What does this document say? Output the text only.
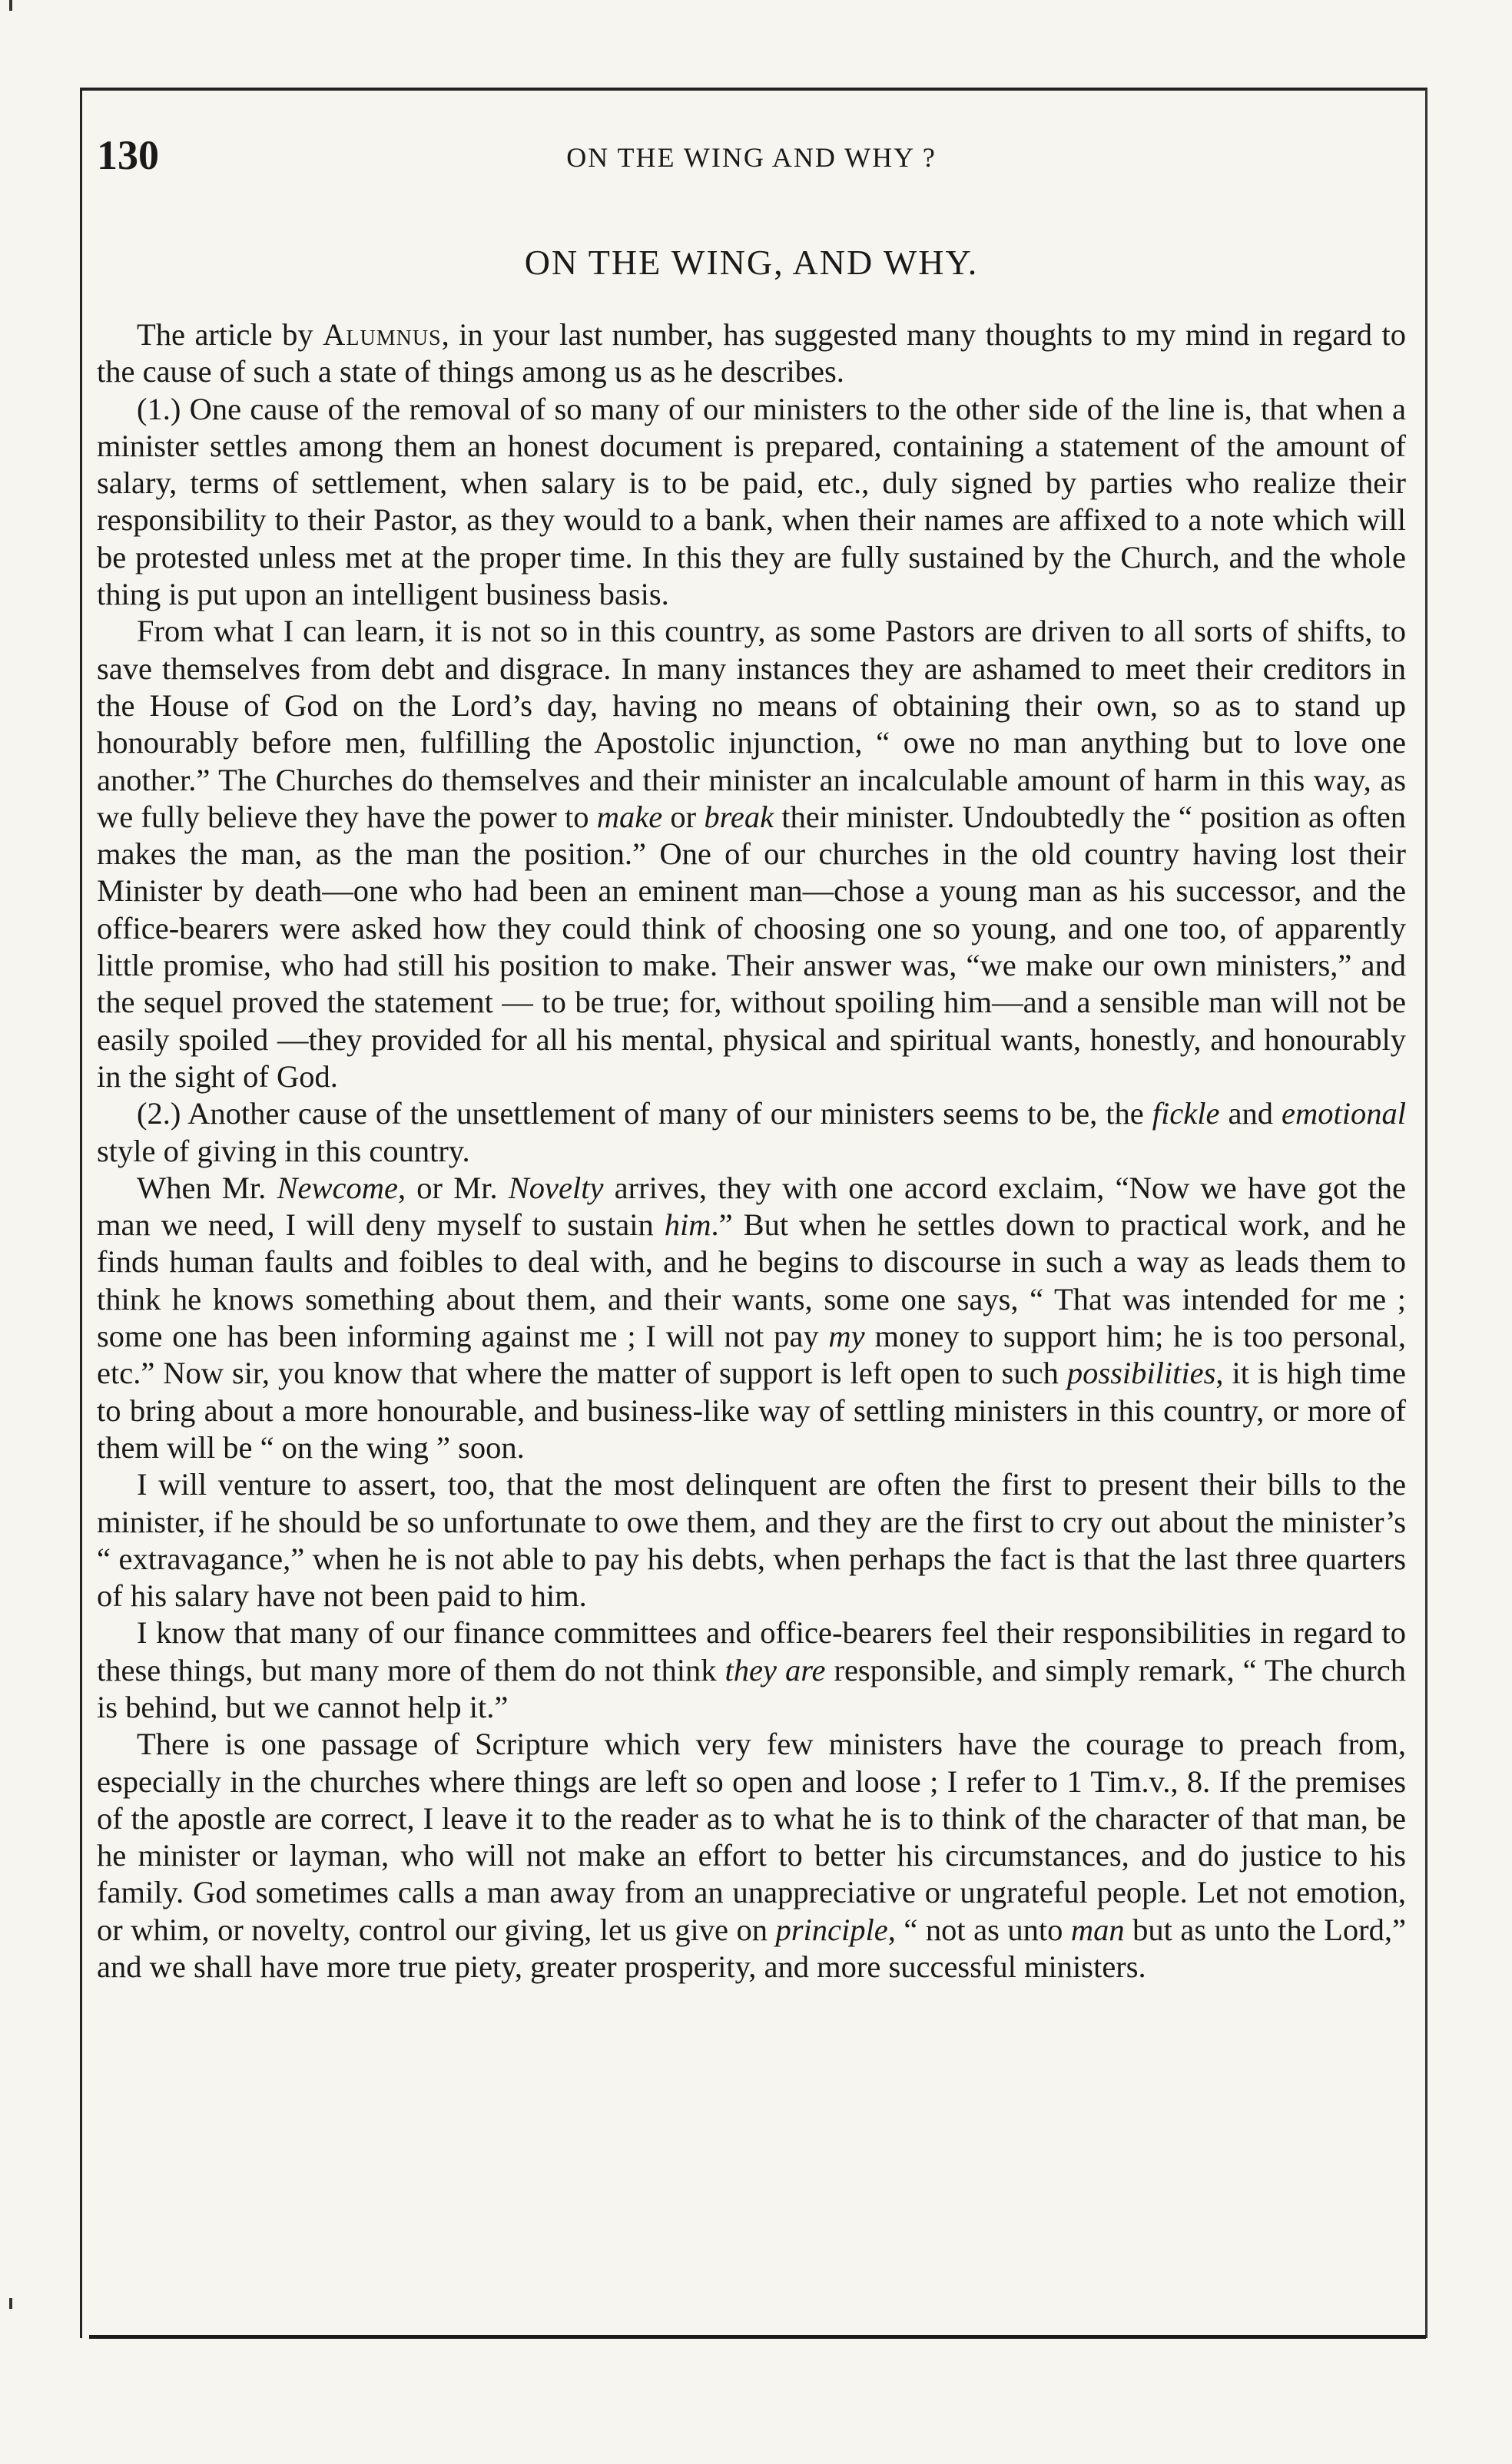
130	ON THE WING AND WHY ?
ON THE WING, AND WHY.

The article by Alumnus, in your last number, has suggested many thoughts to my mind in regard to the cause of such a state of things among us as he describes.

(1.) One cause of the removal of so many of our ministers to the other side of the line is, that when a minister settles among them an honest document is prepared, containing a statement of the amount of salary, terms of settlement, when salary is to be paid, etc., duly signed by parties who realize their responsibility to their Pastor, as they would to a bank, when their names are affixed to a note which will be protested unless met at the proper time. In this they are fully sustained by the Church, and the whole thing is put upon an intelligent business basis.

From what I can learn, it is not so in this country, as some Pastors are driven to all sorts of shifts, to save themselves from debt and disgrace. In many instances they are ashamed to meet their creditors in the House of God on the Lord’s day, having no means of obtaining their own, so as to stand up honourably before men, fulfilling the Apostolic injunction, “ owe no man anything but to love one another.” The Churches do themselves and their minister an incalculable amount of harm in this way, as we fully believe they have the power to make or break their minister. Undoubtedly the “ position as often makes the man, as the man the position.” One of our churches in the old country having lost their Minister by death—one who had been an eminent man—chose a young man as his successor, and the office-bearers were asked how they could think of choosing one so young, and one too, of apparently little promise, who had still his position to make. Their answer was, “we make our own ministers,” and the sequel proved the statement — to be true; for, without spoiling him—and a sensible man will not be easily spoiled —they provided for all his mental, physical and spiritual wants, honestly, and honourably in the sight of God.

(2.) Another cause of the unsettlement of many of our ministers seems to be, the fickle and emotional style of giving in this country.

When Mr. Newcome, or Mr. Novelty arrives, they with one accord exclaim, “Now we have got the man we need, I will deny myself to sustain him.” But when he settles down to practical work, and he finds human faults and foibles to deal with, and he begins to discourse in such a way as leads them to think he knows something about them, and their wants, some one says, “ That was intended for me ; some one has been informing against me ; I will not pay my money to support him; he is too personal, etc.” Now sir, you know that where the matter of support is left open to such possibilities, it is high time to bring about a more honourable, and business-like way of settling ministers in this country, or more of them will be “ on the wing ” soon.

I will venture to assert, too, that the most delinquent are often the first to present their bills to the minister, if he should be so unfortunate to owe them, and they are the first to cry out about the minister’s “ extravagance,” when he is not able to pay his debts, when perhaps the fact is that the last three quarters of his salary have not been paid to him.

I know that many of our finance committees and office-bearers feel their responsibilities in regard to these things, but many more of them do not think they are responsible, and simply remark, “ The church is behind, but we cannot help it.”

There is one passage of Scripture which very few ministers have the courage to preach from, especially in the churches where things are left so open and loose ; I refer to 1 Tim.v., 8. If the premises of the apostle are correct, I leave it to the reader as to what he is to think of the character of that man, be he minister or layman, who will not make an effort to better his circumstances, and do justice to his family. God sometimes calls a man away from an unappreciative or ungrateful people. Let not emotion, or whim, or novelty, control our giving, let us give on principle, “ not as unto man but as unto the Lord,” and we shall have more true piety, greater prosperity, and more successful ministers.
